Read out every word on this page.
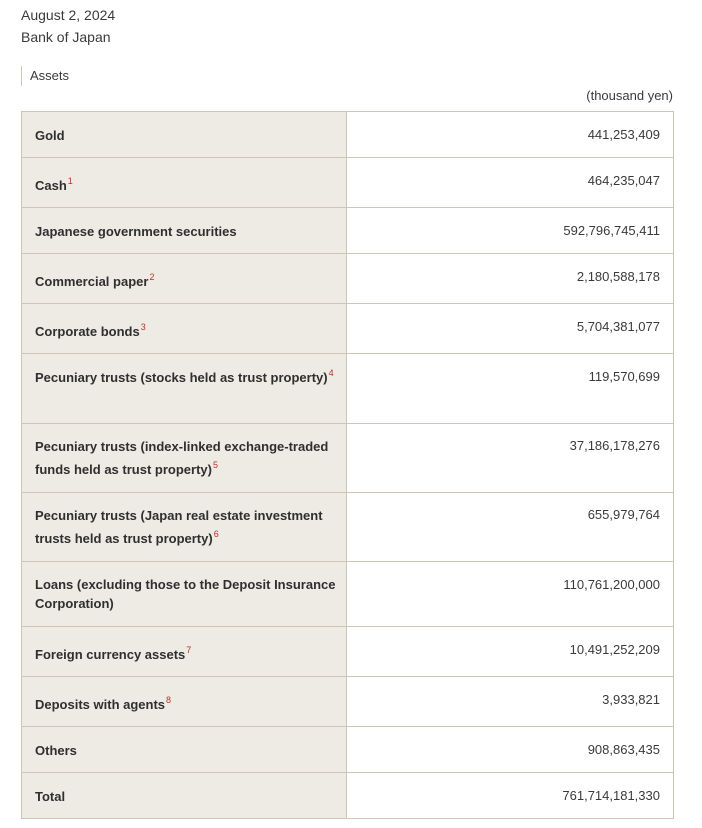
August 2, 2024
Bank of Japan
Assets
(thousand yen)
Gold	441,253,409
Cash$^1$	464,235,047
Japanese government securities	592,796,745,411
Commercial paper$^2$	2,180,588,178
Corporate bonds$^3$	5,704,381,077
Pecuniary trusts (stocks held as trust property)$^4$	119,570,699
Pecuniary trusts (index-linked exchange-traded funds held as trust property)$^5$	37,186,178,276
Pecuniary trusts (Japan real estate investment trusts held as trust property)$^6$	655,979,764
Loans (excluding those to the Deposit Insurance Corporation)	110,761,200,000
Foreign currency assets$^7$	10,491,252,209
Deposits with agents$^8$	3,933,821
Others	908,863,435
Total	761,714,181,330
